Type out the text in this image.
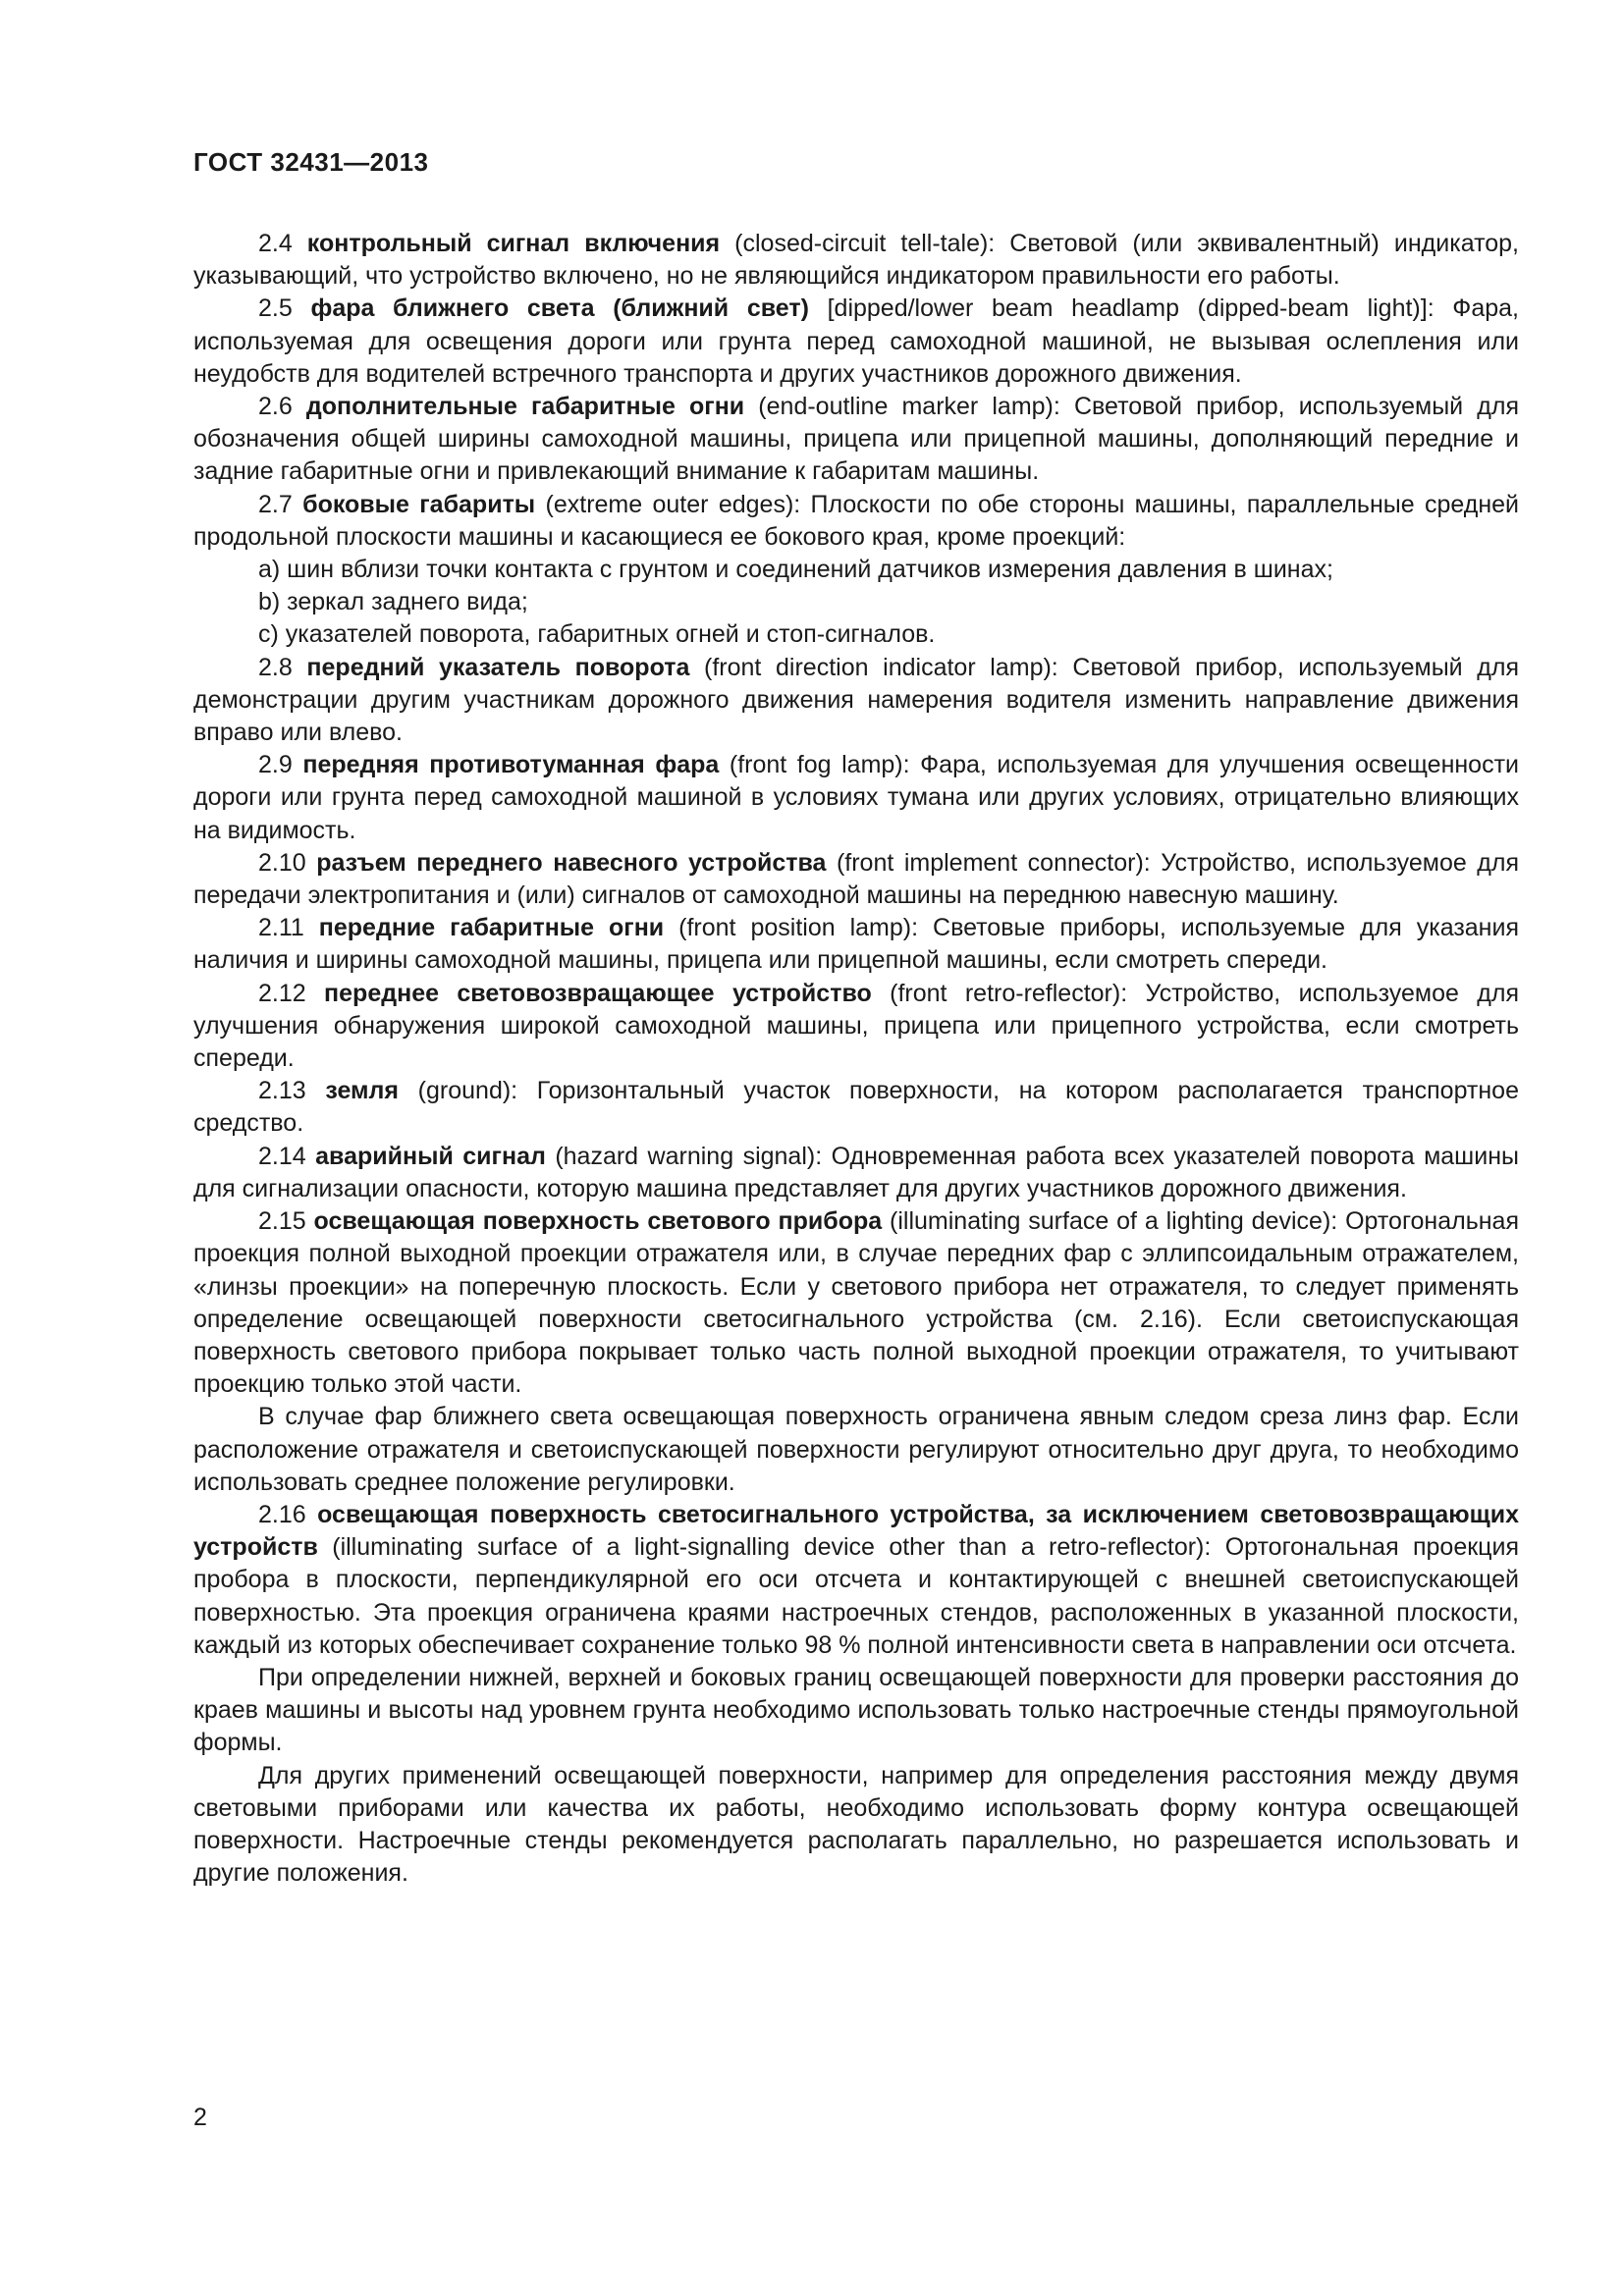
ГОСТ 32431—2013

2.4 контрольный сигнал включения (closed-circuit tell-tale): Световой (или эквивалентный) индикатор, указывающий, что устройство включено, но не являющийся индикатором правильности его работы.

2.5 фара ближнего света (ближний свет) [dipped/lower beam headlamp (dipped-beam light)]: Фара, используемая для освещения дороги или грунта перед самоходной машиной, не вызывая ослепления или неудобств для водителей встречного транспорта и других участников дорожного движения.

2.6 дополнительные габаритные огни (end-outline marker lamp): Световой прибор, используемый для обозначения общей ширины самоходной машины, прицепа или прицепной машины, дополняющий передние и задние габаритные огни и привлекающий внимание к габаритам машины.

2.7 боковые габариты (extreme outer edges): Плоскости по обе стороны машины, параллельные средней продольной плоскости машины и касающиеся ее бокового края, кроме проекций:

a) шин вблизи точки контакта с грунтом и соединений датчиков измерения давления в шинах;

b) зеркал заднего вида;

c) указателей поворота, габаритных огней и стоп-сигналов.

2.8 передний указатель поворота (front direction indicator lamp): Световой прибор, используемый для демонстрации другим участникам дорожного движения намерения водителя изменить направление движения вправо или влево.

2.9 передняя противотуманная фара (front fog lamp): Фара, используемая для улучшения освещенности дороги или грунта перед самоходной машиной в условиях тумана или других условиях, отрицательно влияющих на видимость.

2.10 разъем переднего навесного устройства (front implement connector): Устройство, используемое для передачи электропитания и (или) сигналов от самоходной машины на переднюю навесную машину.

2.11 передние габаритные огни (front position lamp): Световые приборы, используемые для указания наличия и ширины самоходной машины, прицепа или прицепной машины, если смотреть спереди.

2.12 переднее световозвращающее устройство (front retro-reflector): Устройство, используемое для улучшения обнаружения широкой самоходной машины, прицепа или прицепного устройства, если смотреть спереди.

2.13 земля (ground): Горизонтальный участок поверхности, на котором располагается транспортное средство.

2.14 аварийный сигнал (hazard warning signal): Одновременная работа всех указателей поворота машины для сигнализации опасности, которую машина представляет для других участников дорожного движения.

2.15 освещающая поверхность светового прибора (illuminating surface of a lighting device): Ортогональная проекция полной выходной проекции отражателя или, в случае передних фар с эллипсоидальным отражателем, «линзы проекции» на поперечную плоскость. Если у светового прибора нет отражателя, то следует применять определение освещающей поверхности светосигнального устройства (см. 2.16). Если светоиспускающая поверхность светового прибора покрывает только часть полной выходной проекции отражателя, то учитывают проекцию только этой части.

В случае фар ближнего света освещающая поверхность ограничена явным следом среза линз фар. Если расположение отражателя и светоиспускающей поверхности регулируют относительно друг друга, то необходимо использовать среднее положение регулировки.

2.16 освещающая поверхность светосигнального устройства, за исключением световозвращающих устройств (illuminating surface of a light-signalling device other than a retro-reflector): Ортогональная проекция пробора в плоскости, перпендикулярной его оси отсчета и контактирующей с внешней светоиспускающей поверхностью. Эта проекция ограничена краями настроечных стендов, расположенных в указанной плоскости, каждый из которых обеспечивает сохранение только 98 % полной интенсивности света в направлении оси отсчета.

При определении нижней, верхней и боковых границ освещающей поверхности для проверки расстояния до краев машины и высоты над уровнем грунта необходимо использовать только настроечные стенды прямоугольной формы.

Для других применений освещающей поверхности, например для определения расстояния между двумя световыми приборами или качества их работы, необходимо использовать форму контура освещающей поверхности. Настроечные стенды рекомендуется располагать параллельно, но разрешается использовать и другие положения.

2
